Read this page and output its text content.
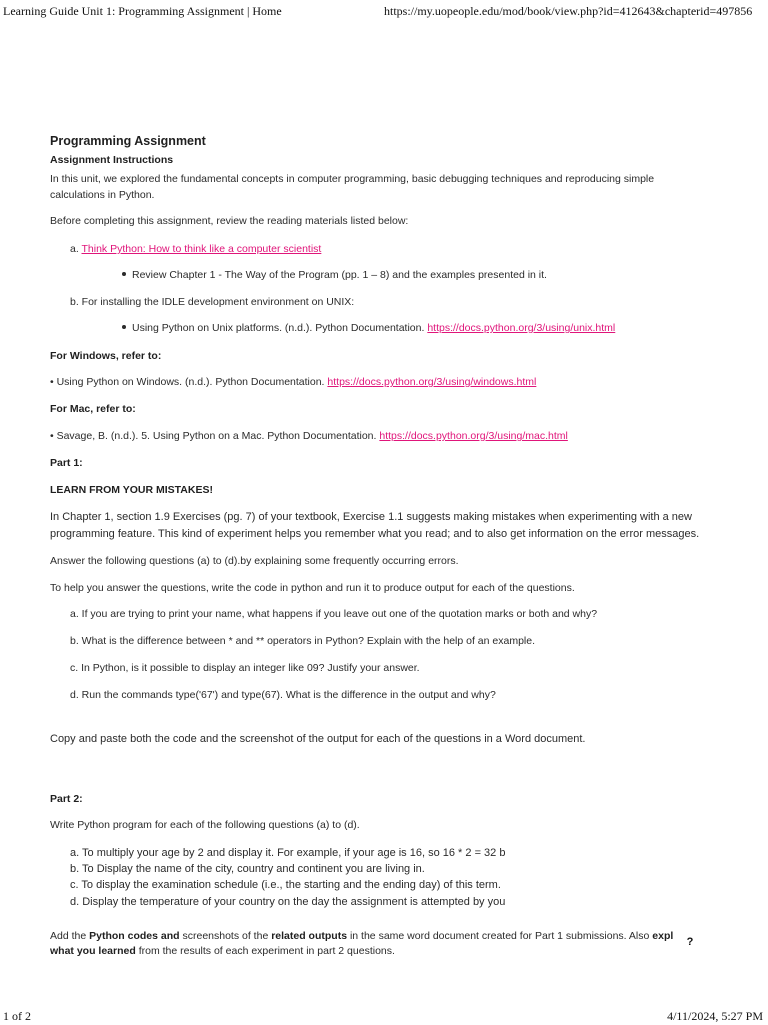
Learning Guide Unit 1: Programming Assignment | Home	https://my.uopeople.edu/mod/book/view.php?id=412643&chapterid=497856
Programming Assignment
Assignment Instructions
In this unit, we explored the fundamental concepts in computer programming, basic debugging techniques and reproducing simple
calculations in Python.
Before completing this assignment, review the reading materials listed below:
a. Think Python: How to think like a computer scientist
Review Chapter 1 - The Way of the Program (pp. 1 – 8) and the examples presented in it.
b. For installing the IDLE development environment on UNIX:
Using Python on Unix platforms. (n.d.). Python Documentation. https://docs.python.org/3/using/unix.html
For Windows, refer to:
• Using Python on Windows. (n.d.). Python Documentation. https://docs.python.org/3/using/windows.html
For Mac, refer to:
• Savage, B. (n.d.). 5. Using Python on a Mac. Python Documentation. https://docs.python.org/3/using/mac.html
Part 1:
LEARN FROM YOUR MISTAKES!
In Chapter 1, section 1.9 Exercises (pg. 7) of your textbook, Exercise 1.1 suggests making mistakes when experimenting with a new
programming feature. This kind of experiment helps you remember what you read; and to also get information on the error messages.
Answer the following questions (a) to (d).by explaining some frequently occurring errors.
To help you answer the questions, write the code in python and run it to produce output for each of the questions.
a. If you are trying to print your name, what happens if you leave out one of the quotation marks or both and why?
b. What is the difference between * and ** operators in Python? Explain with the help of an example.
c. In Python, is it possible to display an integer like 09? Justify your answer.
d. Run the commands type('67') and type(67). What is the difference in the output and why?
Copy and paste both the code and the screenshot of the output for each of the questions in a Word document.
Part 2:
Write Python program for each of the following questions (a) to (d).
a. To multiply your age by 2 and display it. For example, if your age is 16, so 16 * 2 = 32 b
b. To Display the name of the city, country and continent you are living in.
c. To display the examination schedule (i.e., the starting and the ending day) of this term.
d. Display the temperature of your country on the day the assignment is attempted by you
Add the Python codes and screenshots of the related outputs in the same word document created for Part 1 submissions. Also expl
what you learned from the results of each experiment in part 2 questions.
?
1 of 2	4/11/2024, 5:27 PM
